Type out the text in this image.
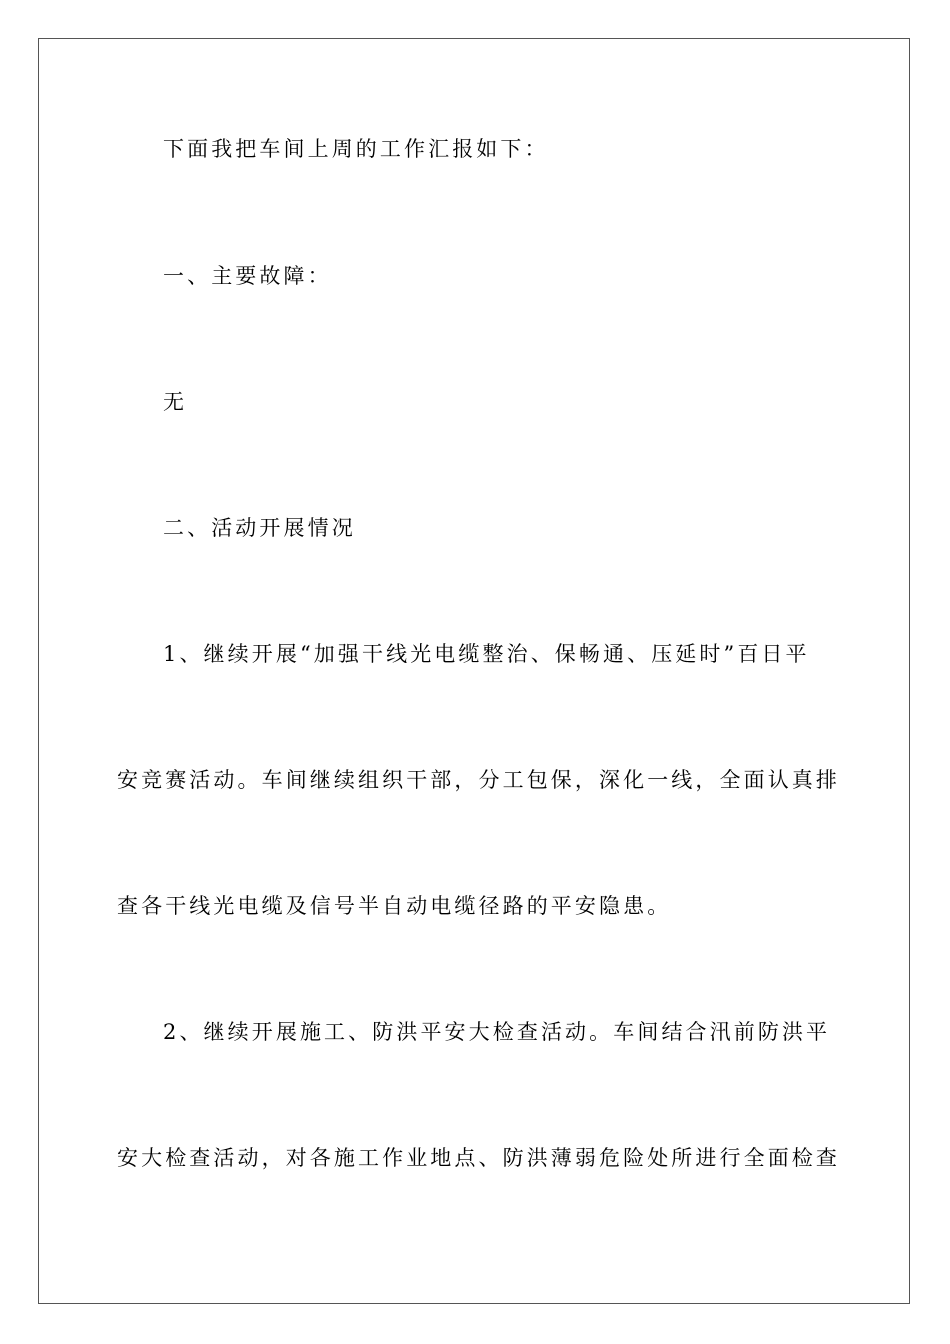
下面我把车间上周的工作汇报如下：
一、主要故障：
无
二、活动开展情况
1、继续开展“加强干线光电缆整治、保畅通、压延时”百日平
安竞赛活动。车间继续组织干部，分工包保，深化一线，全面认真排
查各干线光电缆及信号半自动电缆径路的平安隐患。
2、继续开展施工、防洪平安大检查活动。车间结合汛前防洪平
安大检查活动，对各施工作业地点、防洪薄弱危险处所进行全面检查
